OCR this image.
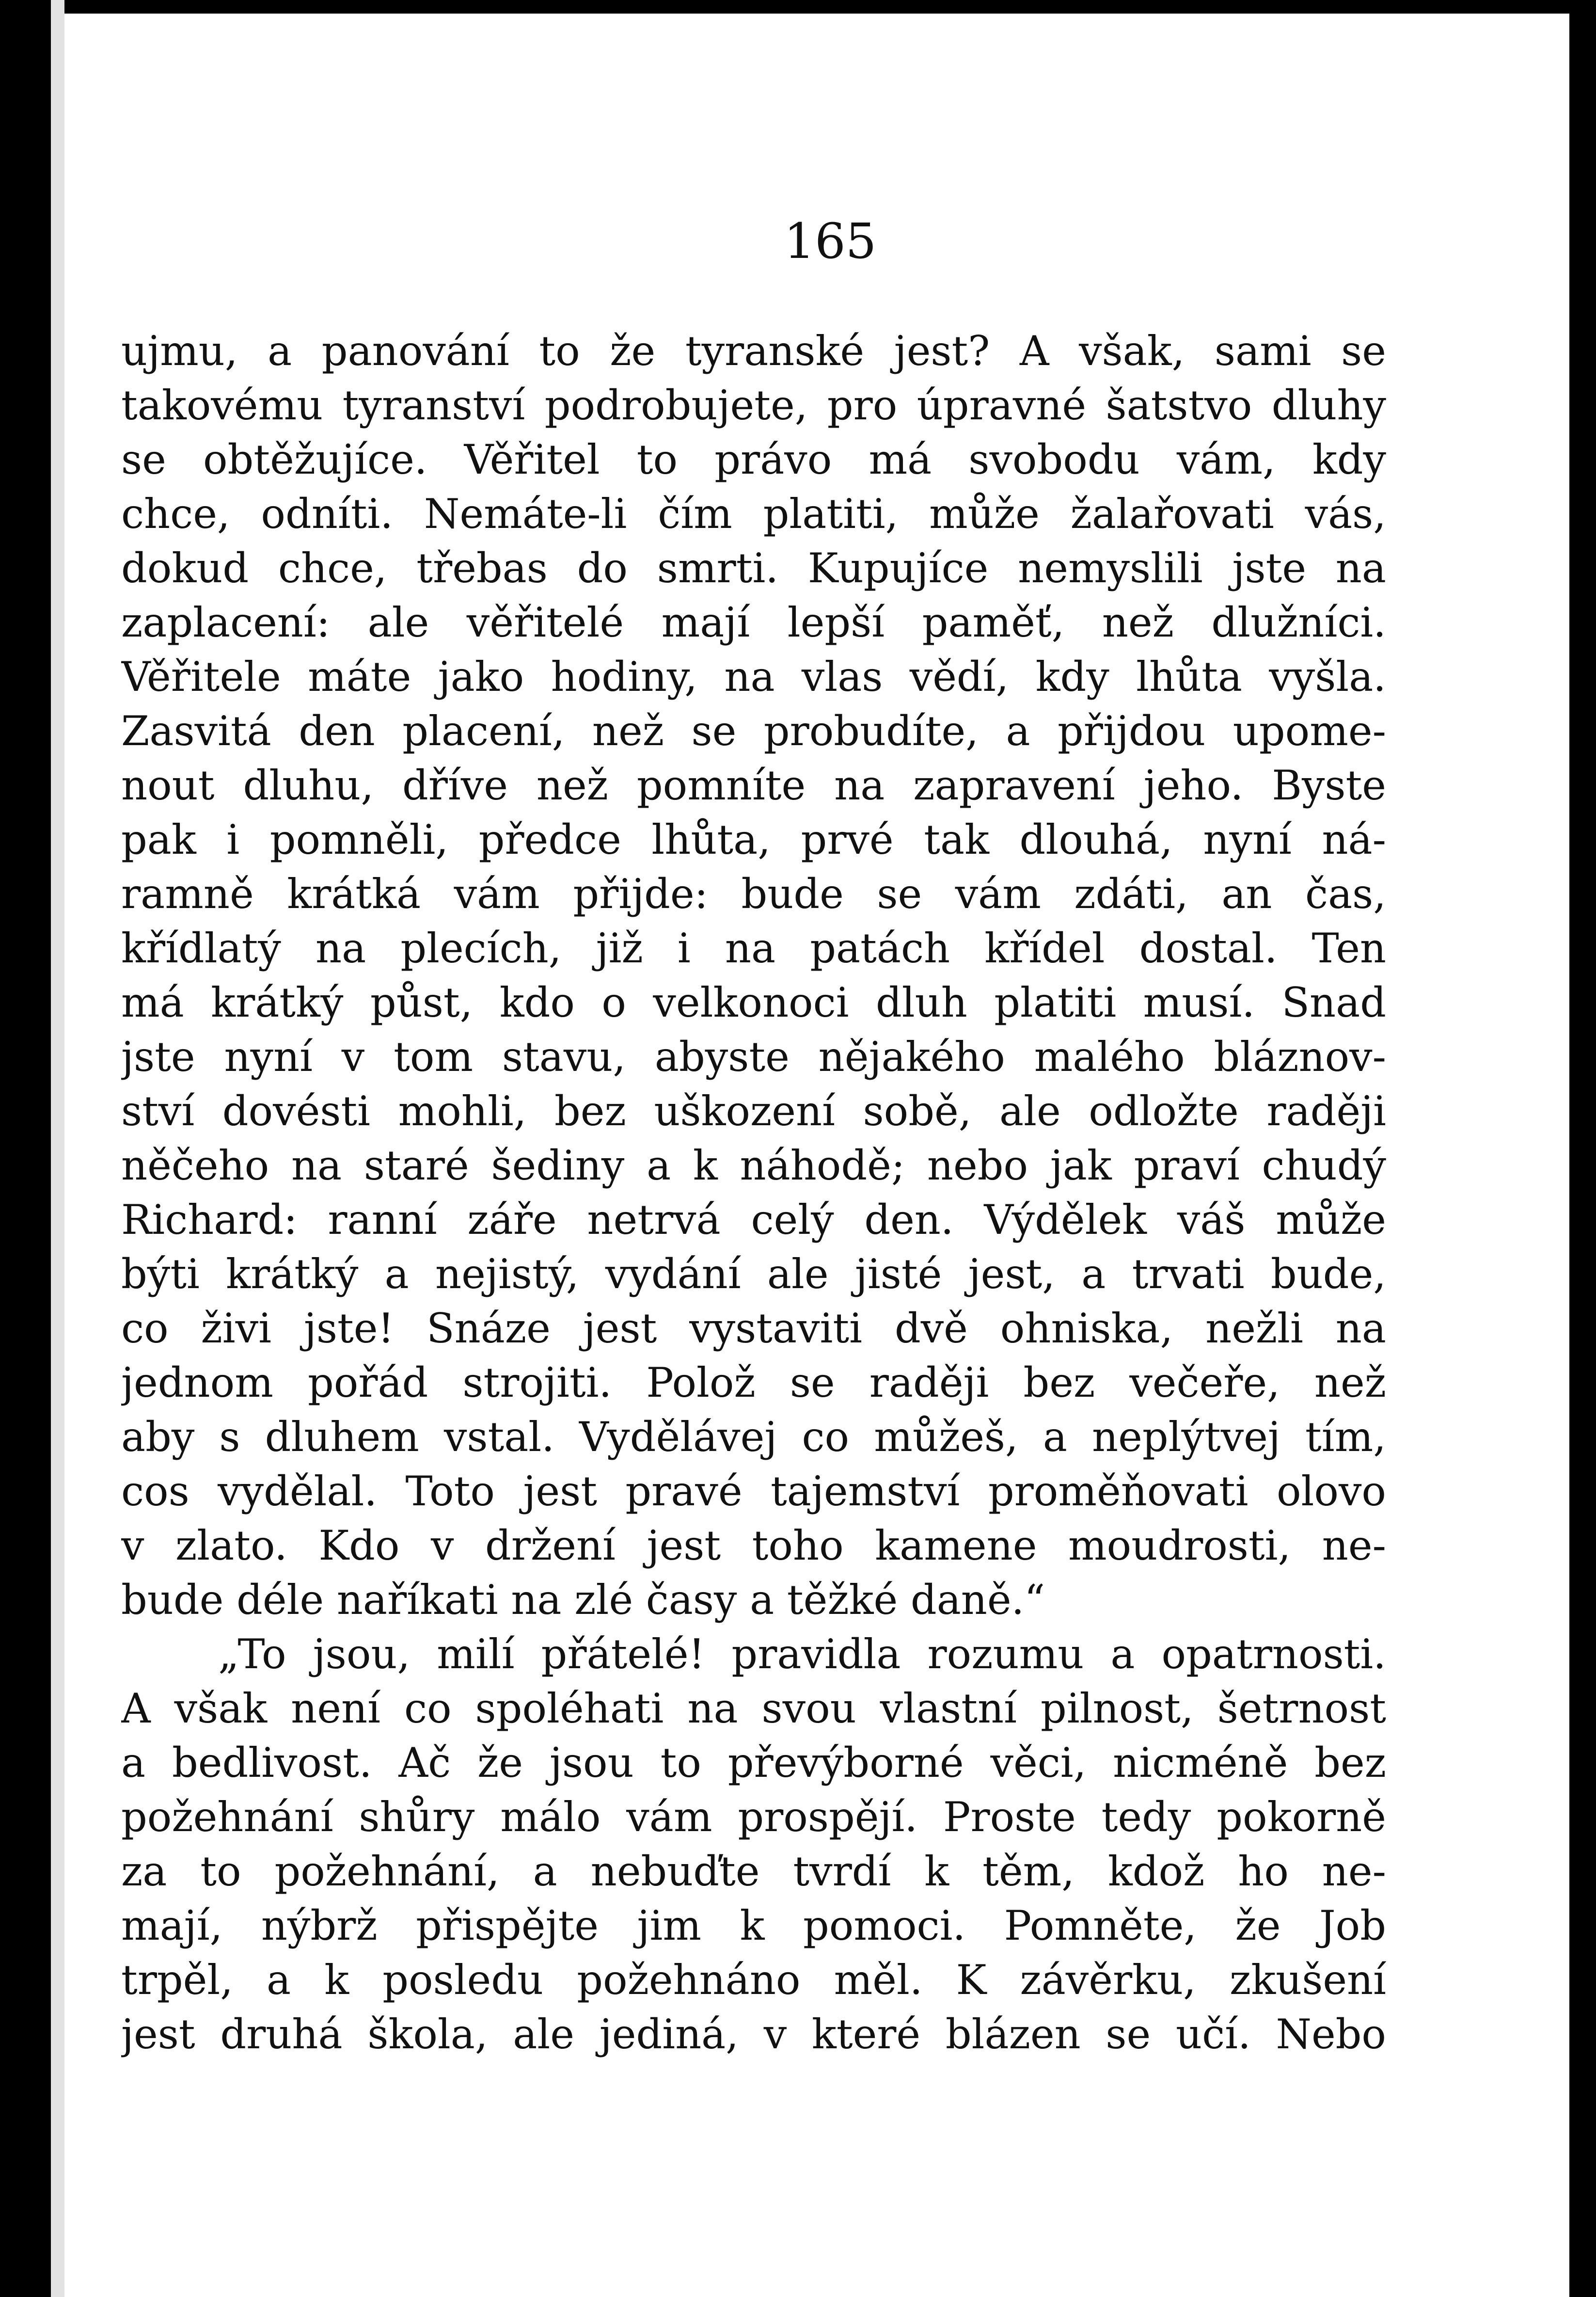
165
ujmu, a panování to že tyranské jest? A však, sami se
takovému tyranství podrobujete, pro úpravné šatstvo dluhy
se obtěžujíce. Věřitel to právo má svobodu vám, kdy
chce, odníti. Nemáte-li čím platiti, může žalařovati vás,
dokud chce, třebas do smrti. Kupujíce nemyslili jste na
zaplacení: ale věřitelé mají lepší paměť, než dlužníci.
Věřitele máte jako hodiny, na vlas vědí, kdy lhůta vyšla.
Zasvitá den placení, než se probudíte, a přijdou upome-
nout dluhu, dříve než pomníte na zapravení jeho. Byste
pak i pomněli, předce lhůta, prvé tak dlouhá, nyní ná-
ramně krátká vám přijde: bude se vám zdáti, an čas,
křídlatý na plecích, již i na patách křídel dostal. Ten
má krátký půst, kdo o velkonoci dluh platiti musí. Snad
jste nyní v tom stavu, abyste nějakého malého bláznov-
ství dovésti mohli, bez uškození sobě, ale odložte raději
něčeho na staré šediny a k náhodě; nebo jak praví chudý
Richard: ranní záře netrvá celý den. Výdělek váš může
býti krátký a nejistý, vydání ale jisté jest, a trvati bude,
co živi jste! Snáze jest vystaviti dvě ohniska, nežli na
jednom pořád strojiti. Polož se raději bez večeře, než
aby s dluhem vstal. Vydělávej co můžeš, a neplýtvej tím,
cos vydělal. Toto jest pravé tajemství proměňovati olovo
v zlato. Kdo v držení jest toho kamene moudrosti, ne-
bude déle naříkati na zlé časy a těžké daně.“
„To jsou, milí přátelé! pravidla rozumu a opatrnosti.
A však není co spoléhati na svou vlastní pilnost, šetrnost
a bedlivost. Ač že jsou to převýborné věci, nicméně bez
požehnání shůry málo vám prospějí. Proste tedy pokorně
za to požehnání, a nebuďte tvrdí k těm, kdož ho ne-
mají, nýbrž přispějte jim k pomoci. Pomněte, že Job
trpěl, a k posledu požehnáno měl. K závěrku, zkušení
jest druhá škola, ale jediná, v které blázen se učí. Nebo
